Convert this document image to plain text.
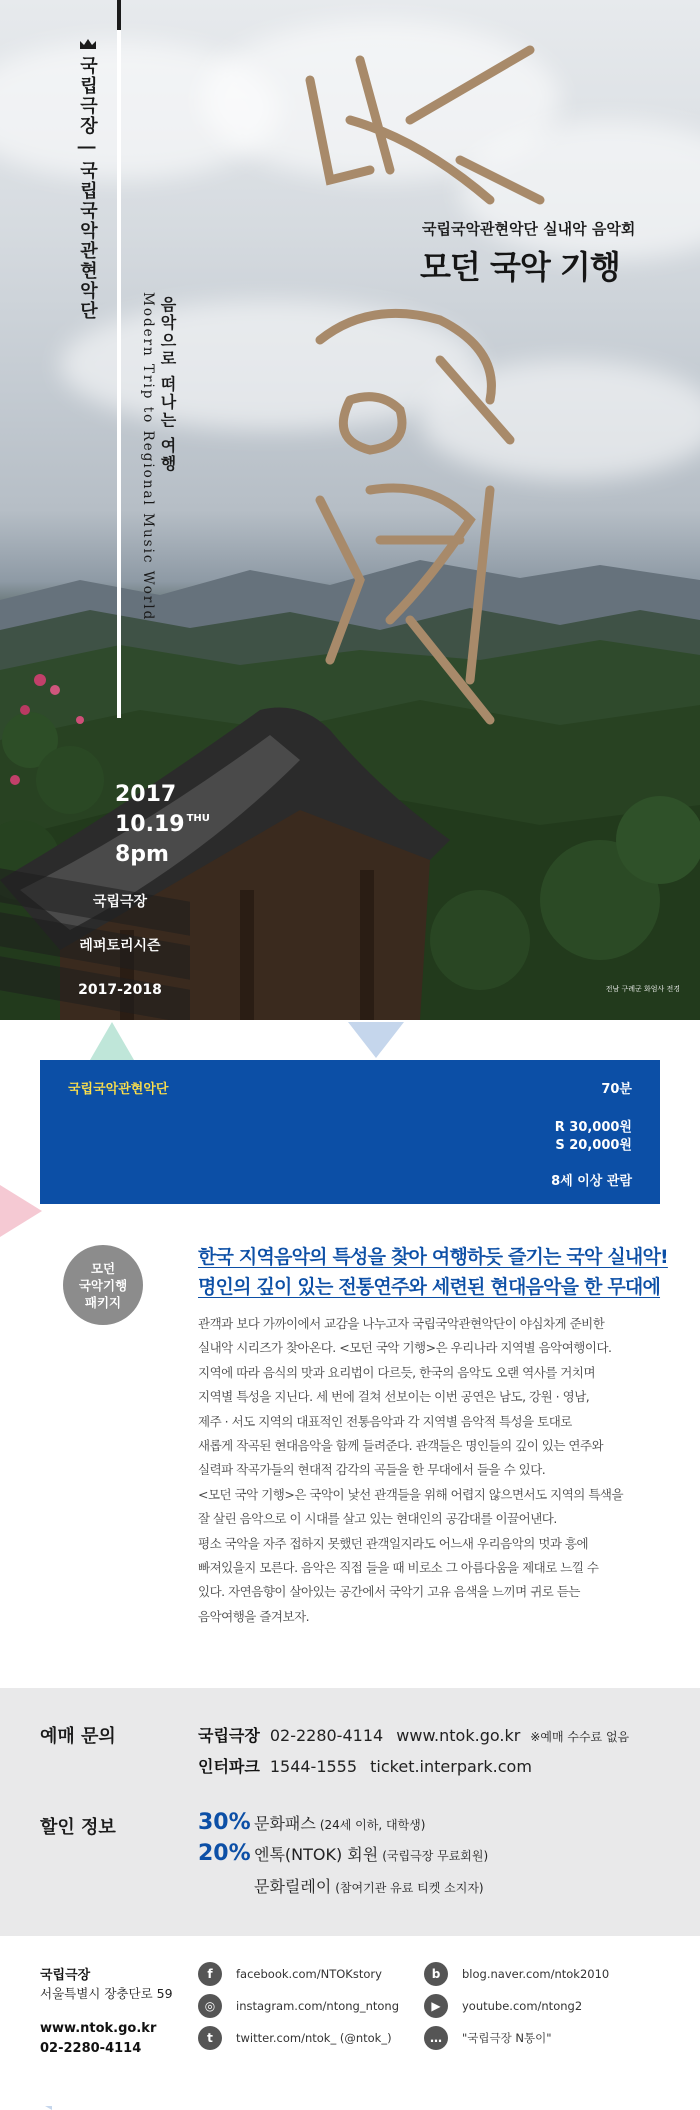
국립극장 | 국립국악관현악단
Modern Trip to Regional Music World 음악으로 떠나는 여행
국립국악관현악단 실내악 음악회
모던 국악 기행
2017
10.19 $^{THU}$
8pm
국립극장
레퍼토리시즌
2017-2018	전남 구례군 화엄사 전경
국립국악관현악단	70분
R 30,000원
S 20,000원
8세 이상 관람
모던
국악기행
패키지
한국 지역음악의 특성을 찾아 여행하듯 즐기는 국악 실내악!
명인의 깊이 있는 전통연주와 세련된 현대음악을 한 무대에
관객과 보다 가까이에서 교감을 나누고자 국립국악관현악단이 야심차게 준비한
실내악 시리즈가 찾아온다. <모던 국악 기행>은 우리나라 지역별 음악여행이다.
지역에 따라 음식의 맛과 요리법이 다르듯, 한국의 음악도 오랜 역사를 거치며
지역별 특성을 지닌다. 세 번에 걸쳐 선보이는 이번 공연은 남도, 강원 · 영남,
제주 · 서도 지역의 대표적인 전통음악과 각 지역별 음악적 특성을 토대로
새롭게 작곡된 현대음악을 함께 들려준다. 관객들은 명인들의 깊이 있는 연주와
실력파 작곡가들의 현대적 감각의 곡들을 한 무대에서 들을 수 있다.
<모던 국악 기행>은 국악이 낯선 관객들을 위해 어렵지 않으면서도 지역의 특색을
잘 살린 음악으로 이 시대를 살고 있는 현대인의 공감대를 이끌어낸다.
평소 국악을 자주 접하지 못했던 관객일지라도 어느새 우리음악의 멋과 흥에
빠져있을지 모른다. 음악은 직접 들을 때 비로소 그 아름다움을 제대로 느낄 수
있다. 자연음향이 살아있는 공간에서 국악기 고유 음색을 느끼며 귀로 듣는
음악여행을 즐겨보자.
예매 문의	국립극장 02-2280-4114 www.ntok.go.kr ※예매 수수료 없음
인터파크 1544-1555 ticket.interpark.com
할인 정보	30% 문화패스 (24세 이하, 대학생)
20% 엔톡(NTOK) 회원 (국립극장 무료회원)
문화릴레이 (참여기관 유료 티켓 소지자)
국립극장
서울특별시 장충단로 59
www.ntok.go.kr
02-2280-4114
f	facebook.com/NTOKstory
◎	instagram.com/ntong_ntong
t	twitter.com/ntok_ (@ntok_)
b	blog.naver.com/ntok2010
▶	youtube.com/ntong2
…	"국립극장 N통이"
